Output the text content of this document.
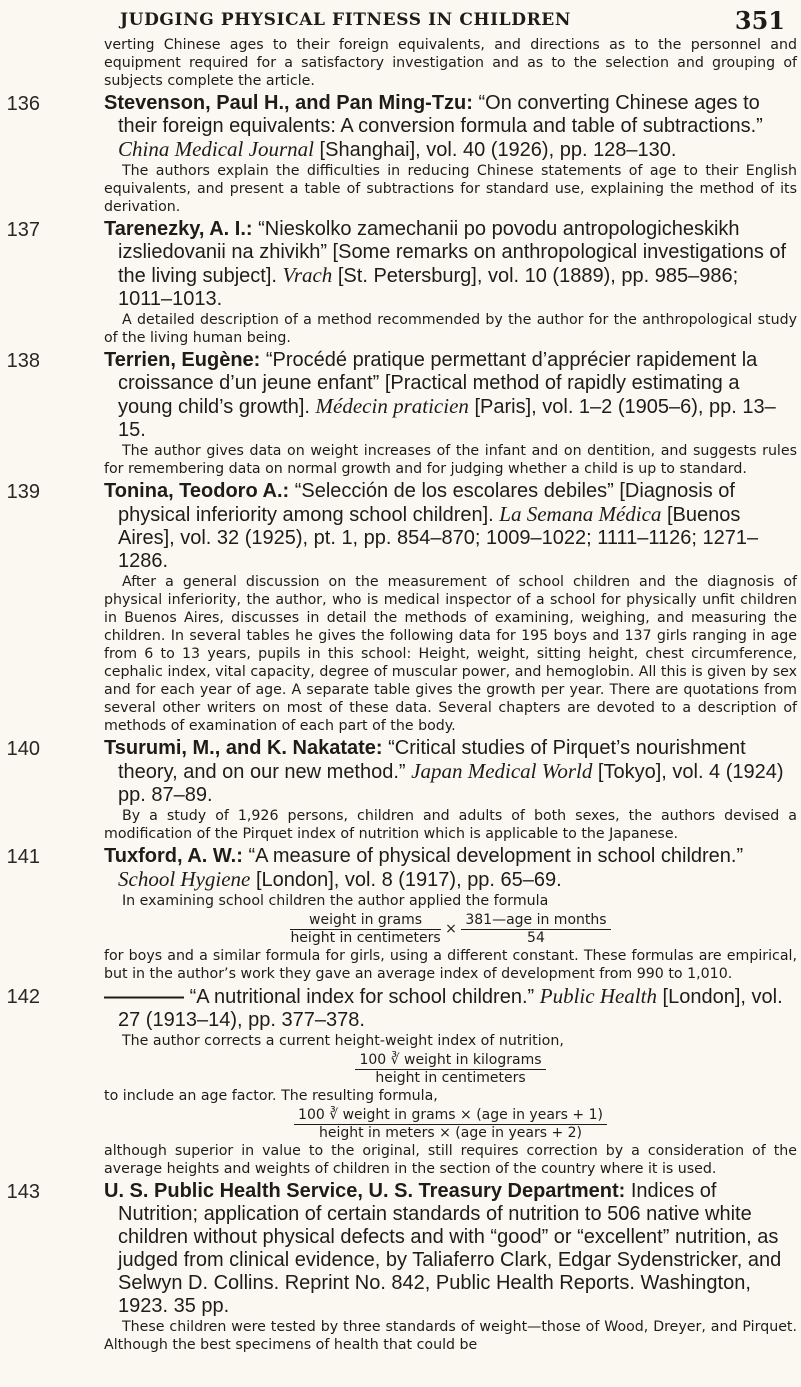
JUDGING PHYSICAL FITNESS IN CHILDREN	351

verting Chinese ages to their foreign equivalents, and directions as to the personnel and equipment required for a satisfactory investigation and as to the selection and grouping of subjects complete the article.

136	Stevenson, Paul H., and Pan Ming-Tzu: “On converting Chinese ages to their foreign equivalents: A conversion formula and table of subtractions.” China Medical Journal [Shanghai], vol. 40 (1926), pp. 128–130.

The authors explain the difficulties in reducing Chinese statements of age to their English equivalents, and present a table of subtractions for standard use, explaining the method of its derivation.

137	Tarenezky, A. I.: “Nieskolko zamechanii po povodu antropologicheskikh izsliedovanii na zhivikh” [Some remarks on anthropological investigations of the living subject]. Vrach [St. Petersburg], vol. 10 (1889), pp. 985–986; 1011–1013.

A detailed description of a method recommended by the author for the anthropological study of the living human being.

138	Terrien, Eugène: “Procédé pratique permettant d’apprécier rapidement la croissance d’un jeune enfant” [Practical method of rapidly estimating a young child’s growth]. Médecin praticien [Paris], vol. 1–2 (1905–6), pp. 13–15.

The author gives data on weight increases of the infant and on dentition, and suggests rules for remembering data on normal growth and for judging whether a child is up to standard.

139	Tonina, Teodoro A.: “Selección de los escolares debiles” [Diagnosis of physical inferiority among school children]. La Semana Médica [Buenos Aires], vol. 32 (1925), pt. 1, pp. 854–870; 1009–1022; 1111–1126; 1271–1286.

After a general discussion on the measurement of school children and the diagnosis of physical inferiority, the author, who is medical inspector of a school for physically unfit children in Buenos Aires, discusses in detail the methods of examining, weighing, and measuring the children. In several tables he gives the following data for 195 boys and 137 girls ranging in age from 6 to 13 years, pupils in this school: Height, weight, sitting height, chest circumference, cephalic index, vital capacity, degree of muscular power, and hemoglobin. All this is given by sex and for each year of age. A separate table gives the growth per year. There are quotations from several other writers on most of these data. Several chapters are devoted to a description of methods of examination of each part of the body.

140	Tsurumi, M., and K. Nakatate: “Critical studies of Pirquet’s nourishment theory, and on our new method.” Japan Medical World [Tokyo], vol. 4 (1924) pp. 87–89.

By a study of 1,926 persons, children and adults of both sexes, the authors devised a modification of the Pirquet index of nutrition which is applicable to the Japanese.

141	Tuxford, A. W.: “A measure of physical development in school children.” School Hygiene [London], vol. 8 (1917), pp. 65–69.

In examining school children the author applied the formula

weight in grams
height in centimeters
×
381—age in months
54

for boys and a similar formula for girls, using a different constant. These formulas are empirical, but in the author’s work they gave an average index of development from 990 to 1,010.

142	———— “A nutritional index for school children.” Public Health [London], vol. 27 (1913–14), pp. 377–378.

The author corrects a current height-weight index of nutrition,

100 ∛ weight in kilograms
height in centimeters

to include an age factor. The resulting formula,

100 ∛ weight in grams × (age in years + 1)
height in meters × (age in years + 2)

although superior in value to the original, still requires correction by a consideration of the average heights and weights of children in the section of the country where it is used.

143	U. S. Public Health Service, U. S. Treasury Department: Indices of Nutrition; application of certain standards of nutrition to 506 native white children without physical defects and with “good” or “excellent” nutrition, as judged from clinical evidence, by Taliaferro Clark, Edgar Sydenstricker, and Selwyn D. Collins. Reprint No. 842, Public Health Reports. Washington, 1923. 35 pp.

These children were tested by three standards of weight—those of Wood, Dreyer, and Pirquet. Although the best specimens of health that could be
